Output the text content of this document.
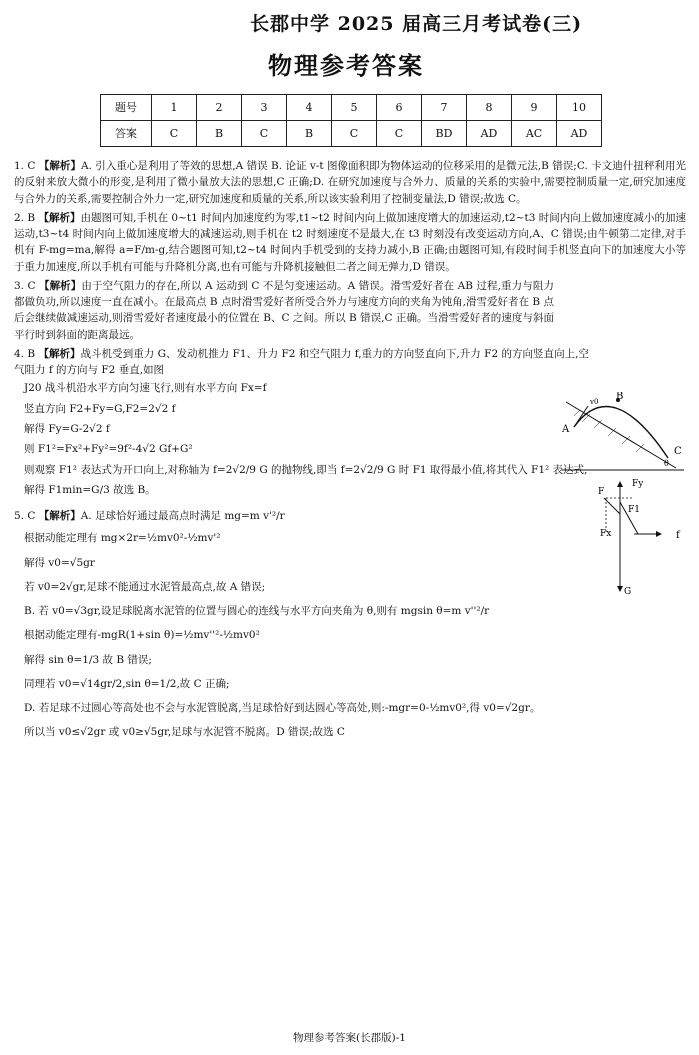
长郡中学 2025 届高三月考试卷(三)
物理参考答案
题号	1	2	3	4	5	6	7	8	9	10
答案	C	B	C	B	C	C	BD	AD	AC	AD

1. C 【解析】A. 引入重心是利用了等效的思想,A 错误 B. 论证 v-t 图像面积即为物体运动的位移采用的是微元法,B 错误;C. 卡文迪什扭秤利用光的反射来放大微小的形变,是利用了微小量放大法的思想,C 正确;D. 在研究加速度与合外力、质量的关系的实验中,需要控制质量一定,研究加速度与合外力的关系,需要控制合外力一定,研究加速度和质量的关系,所以该实验利用了控制变量法,D 错误;故选 C。

2. B 【解析】由题图可知,手机在 0~t1 时间内加速度约为零,t1~t2 时间内向上做加速度增大的加速运动,t2~t3 时间内向上做加速度减小的加速运动,t3~t4 时间内向上做加速度增大的减速运动,则手机在 t2 时刻速度不是最大,在 t3 时刻没有改变运动方向,A、C 错误;由牛顿第二定律,对手机有 F-mg=ma,解得 a=F/m-g,结合题图可知,t2~t4 时间内手机受到的支持力减小,B 正确;由题图可知,有段时间手机竖直向下的加速度大小等于重力加速度,所以手机有可能与升降机分离,也有可能与升降机接触但二者之间无弹力,D 错误。

3. C 【解析】由于空气阻力的存在,所以 A 运动到 C 不是匀变速运动。A 错误。滑雪爱好者在 AB 过程,重力与阻力都做负功,所以速度一直在减小。在最高点 B 点时滑雪爱好者所受合外力与速度方向的夹角为钝角,滑雪爱好者在 B 点后会继续做减速运动,则滑雪爱好者速度最小的位置在 B、C 之间。所以 B 错误,C 正确。当滑雪爱好者的速度与斜面平行时到斜面的距离最远。

4. B 【解析】战斗机受到重力 G、发动机推力 F1、升力 F2 和空气阻力 f,重力的方向竖直向下,升力 F2 的方向竖直向上,空气阻力 f 的方向与 F2 垂直,如图

J20 战斗机沿水平方向匀速飞行,则有水平方向 Fx=f
竖直方向 F2+Fy=G,F2=2√2 f
解得 Fy=G-2√2 f
则 F1²=Fx²+Fy²=9f²-4√2 Gf+G²
则观察 F1² 表达式为开口向上,对称轴为 f=2√2/9 G 的抛物线,即当 f=2√2/9 G 时 F1 取得最小值,将其代入 F1² 表达式,
解得 F1min=G/3 故选 B。

5. C 【解析】A. 足球恰好通过最高点时满足 mg=m v'²/r

根据动能定理有 mg×2r=½mv0²-½mv'²
解得 v0=√5gr
若 v0=2√gr,足球不能通过水泥管最高点,故 A 错误;
B. 若 v0=√3gr,设足球脱离水泥管的位置与圆心的连线与水平方向夹角为 θ,则有 mgsin θ=m v''²/r
根据动能定理有-mgR(1+sin θ)=½mv''²-½mv0²
解得 sin θ=1/3 故 B 错误;
同理若 v0=√14gr/2,sin θ=1/2,故 C 正确;
D. 若足球不过圆心等高处也不会与水泥管脱离,当足球恰好到达圆心等高处,则:-mgr=0-½mv0²,得 v0=√2gr。
所以当 v0≤√2gr 或 v0≥√5gr,足球与水泥管不脱离。D 错误;故选 C
A
B
C
θ
v0
F
Fy
F1
Fx	f
G
物理参考答案(长郡版)-1
